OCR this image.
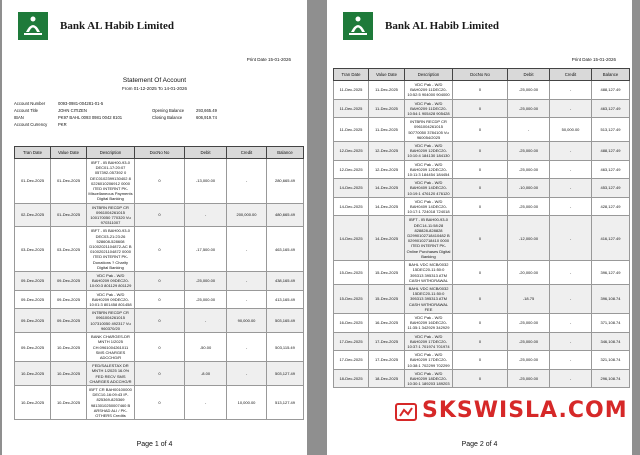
Bank AL Habib Limited
Print Date 15-01-2026
Statement Of Account
From 01-12-2025 To 14-01-2026
Account Number	0093-0981-004281-01-5
Account Title	JOHN CITIZEN
IBAN	PK97 BAHL 0093 0981 0042 8101
Account Currency	PKR
Opening Balance	293,665.49
Closing Balance	606,919.74
Tran Date	Value Date	Description	DocNo No	Debit	Credit	Balance
01-Dec-2025	01-Dec-2025	IBFT - IB BAH00-93-0 DEC01-17:20:07 057392-057392 0 DEC0102399130402 8 0226010206912 0000 ITED INTERNT PK-Miscellaneous Payments Digital Banking	0	-13,000.00	-	280,665.49
02-Dec-2025	01-Dec-2025	INTBRN RECDP CR 0961004261015 100170050 770320 Vu 970311007	0	-	200,000.00	480,665.49
03-Dec-2025	03-Dec-2025	IBFT - IB BAH00-93-0 DEC03-21:23:26 528608-528608 D1002021104872-AC B 01002021104872 0000 ITED INTERNT PK-Donations ? Charity Digital Banking	0	-17,500.00	-	463,165.49
09-Dec-2025	09-Dec-2025	VDC Pak - W/D BAH0209 09DEC20-10:00:3 801129 801129	0	-25,000.00	-	438,165.49
09-Dec-2025	09-Dec-2025	VDC Pak - W/D BAH0209 09DEC20-10:01:3 801458 801458	0	-25,000.00	-	413,165.49
09-Dec-2025	09-Dec-2025	INTBRN RECDP CR 0961004261015 107310050 492317 Vu 960370/20	0	-	90,000.00	503,165.49
09-Dec-2025	10-Dec-2025	BANK CHARGES-DR MNTH 1/2025 CH:0961004261011 SMS CHARGES ADCCHG/R	0	-50.00	-	503,115.49
10-Dec-2025	10-Dec-2025	FED/SALESTAX DR MNTH 1/2025 16.0% FED RECV SMS CHARGES ADCCHG/R	0	-8.00	-	503,127.49
10-Dec-2025	10-Dec-2025	IBFT CR BAH00100000 DEC10-16:09:43 IP-825369-825369 9813010250007460 B ARSHAD ALI / PK-OTHERS Credits	0	-	10,000.00	513,127.49
Page 1 of 4
Bank AL Habib Limited
Print Date 15-01-2026
Tran Date	Value Date	Description	DocNo No	Debit	Credit	Balance
11-Dec-2025	11-Dec-2025	VDC Pak - W/D BAH0209 11DEC20-10:52:5 904000 904000	0	-25,000.00	-	488,127.49
11-Dec-2025	11-Dec-2025	VDC Pak - W/D BAH0209 11DEC20-10:54:1 905428 905428	0	-25,000.00	-	463,127.49
11-Dec-2025	11-Dec-2025	INTBRN RECDP CR 0961004261015 50770050 3784105 Vu 960054/2025	0	-	50,000.00	513,127.49
12-Dec-2025	12-Dec-2025	VDC Pak - W/D BAH0209 12DEC20-10:10:4 184130 184130	0	-25,000.00	-	488,127.49
12-Dec-2025	12-Dec-2025	VDC Pak - W/D BAH0209 12DEC20-10:11:3 184454 184454	0	-25,000.00	-	463,127.49
14-Dec-2025	14-Dec-2025	VDC Pak - W/D BAH0409 14DEC20-10:19:1 476120 476120	0	-10,000.00	-	453,127.49
14-Dec-2025	14-Dec-2025	VDC Pak - W/D BAH0409 14DEC20-10:17:1 724018 724018	0	-25,000.00	-	428,127.49
14-Dec-2025	14-Dec-2025	IBFT - IB BAH00-93-0 DEC14-11:58:28 828828-828828 D2990102718410482 B 02990102718410 0000 ITED INTERNT PK-Online Purchases Digital Banking	0	-12,000.00	-	416,127.49
15-Dec-2025	15-Dec-2025	BAHL VDC MCB/0032 15DEC20-11:50:0 395313 395313 ATM CASH WITHDRAWAL	0	-20,000.00	-	396,127.49
15-Dec-2025	15-Dec-2025	BAHL VDC MCB/0032 15DEC20-11:50:0 395313 395313 ATM CASH WITHDRAWAL FEE	0	-18.75	-	396,108.74
16-Dec-2025	16-Dec-2025	VDC Pak - W/D BAH0209 16DEC20-11:35:1 342929 342929	0	-25,000.00	-	371,108.74
17-Dec-2025	17-Dec-2025	VDC Pak - W/D BAH0209 17DEC20-10:37:1 701974 701974	0	-25,000.00	-	346,108.74
17-Dec-2025	17-Dec-2025	VDC Pak - W/D BAH0209 17DEC20-10:38:1 702299 702299	0	-25,000.00	-	321,108.74
18-Dec-2025	18-Dec-2025	VDC Pak - W/D BAH0209 18DEC20-10:30:1 189203 189203	0	-25,000.00	-	296,108.74
SKSWISLA.COM
Page 2 of 4
